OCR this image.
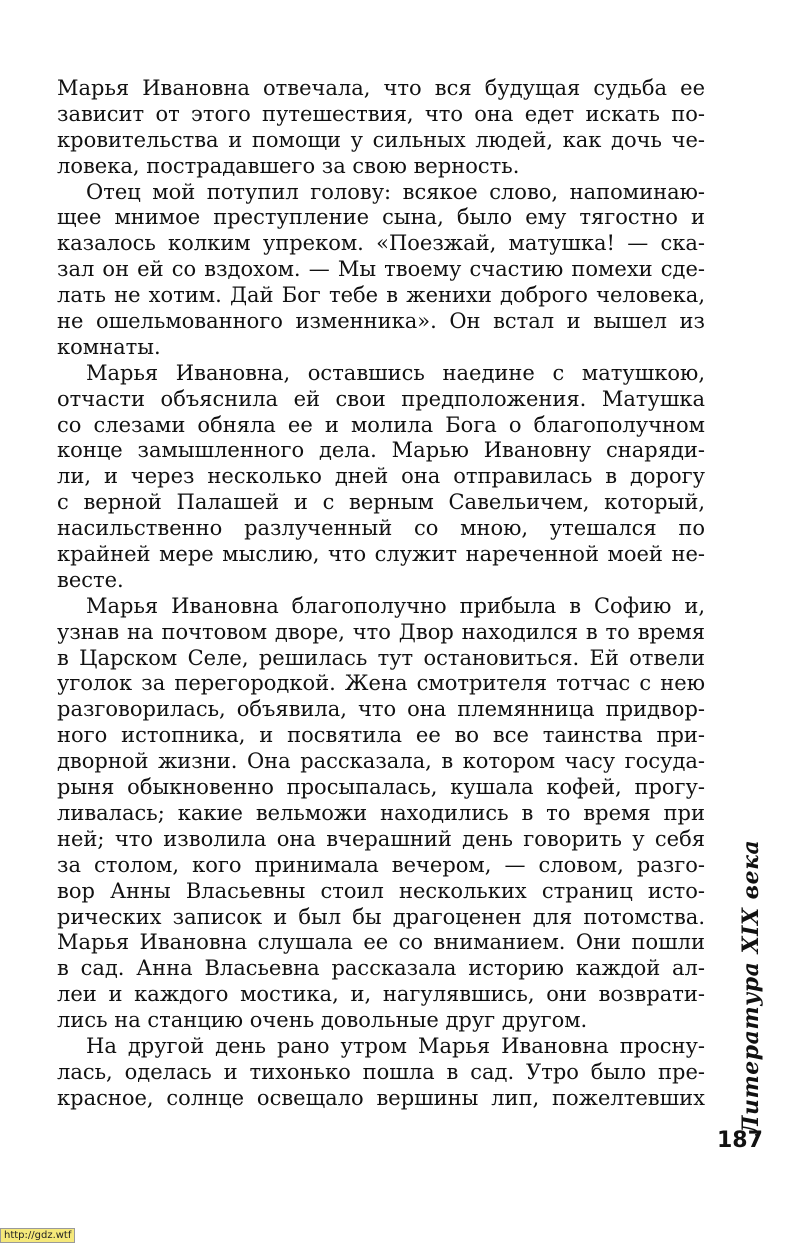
Марья Ивановна отвечала, что вся будущая судьба ее
зависит от этого путешествия, что она едет искать по-
кровительства и помощи у сильных людей, как дочь че-
ловека, пострадавшего за свою верность.
Отец мой потупил голову: всякое слово, напоминаю-
щее мнимое преступление сына, было ему тягостно и
казалось колким упреком. «Поезжай, матушка! — ска-
зал он ей со вздохом. — Мы твоему счастию помехи сде-
лать не хотим. Дай Бог тебе в женихи доброго человека,
не ошельмованного изменника». Он встал и вышел из
комнаты.
Марья Ивановна, оставшись наедине с матушкою,
отчасти объяснила ей свои предположения. Матушка
со слезами обняла ее и молила Бога о благополучном
конце замышленного дела. Марью Ивановну снаряди-
ли, и через несколько дней она отправилась в дорогу
с верной Палашей и с верным Савельичем, который,
насильственно разлученный со мною, утешался по
крайней мере мыслию, что служит нареченной моей не-
весте.
Марья Ивановна благополучно прибыла в Софию и,
узнав на почтовом дворе, что Двор находился в то время
в Царском Селе, решилась тут остановиться. Ей отвели
уголок за перегородкой. Жена смотрителя тотчас с нею
разговорилась, объявила, что она племянница придвор-
ного истопника, и посвятила ее во все таинства при-
дворной жизни. Она рассказала, в котором часу госуда-
рыня обыкновенно просыпалась, кушала кофей, прогу-
ливалась; какие вельможи находились в то время при
ней; что изволила она вчерашний день говорить у себя
за столом, кого принимала вечером, — словом, разго-
вор Анны Власьевны стоил нескольких страниц исто-
рических записок и был бы драгоценен для потомства.
Марья Ивановна слушала ее со вниманием. Они пошли
в сад. Анна Власьевна рассказала историю каждой ал-
леи и каждого мостика, и, нагулявшись, они возврати-
лись на станцию очень довольные друг другом.
На другой день рано утром Марья Ивановна просну-
лась, оделась и тихонько пошла в сад. Утро было пре-
красное, солнце освещало вершины лип, пожелтевших Литература XIX века
187
http://gdz.wtf
